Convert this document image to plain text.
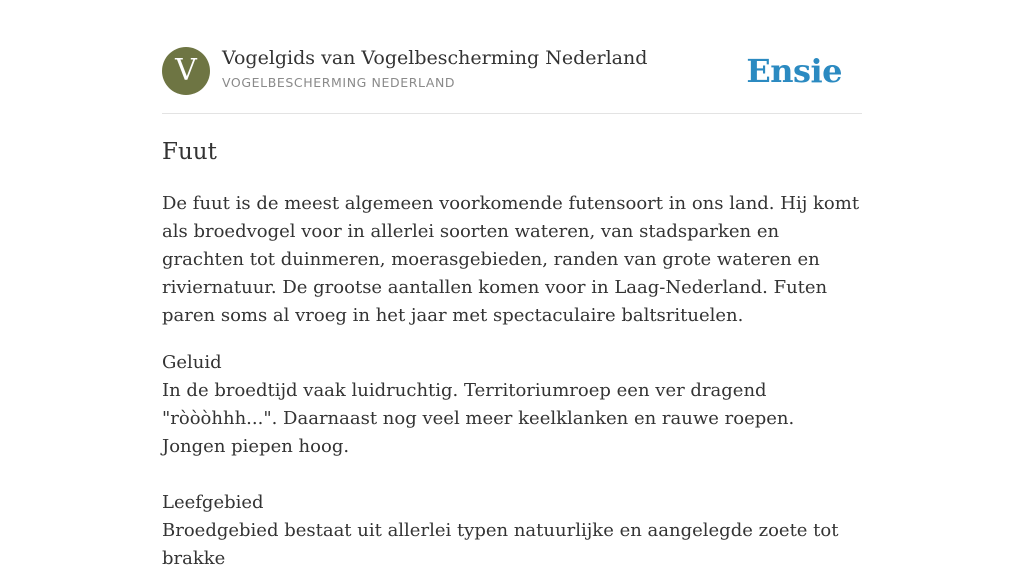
V	Vogelgids van Vogelbescherming Nederland
VOGELBESCHERMING NEDERLAND	Ensie
Fuut

De fuut is de meest algemeen voorkomende futensoort in ons land. Hij komt als broedvogel voor in allerlei soorten wateren, van stadsparken en grachten tot duinmeren, moerasgebieden, randen van grote wateren en riviernatuur. De grootse aantallen komen voor in Laag-Nederland. Futen paren soms al vroeg in het jaar met spectaculaire baltsrituelen.

Geluid
In de broedtijd vaak luidruchtig. Territoriumroep een ver dragend "ròòòhhh...". Daarnaast nog veel meer keelklanken en rauwe roepen. Jongen piepen hoog.
Leefgebied
Broedgebied bestaat uit allerlei typen natuurlijke en aangelegde zoete tot brakke
